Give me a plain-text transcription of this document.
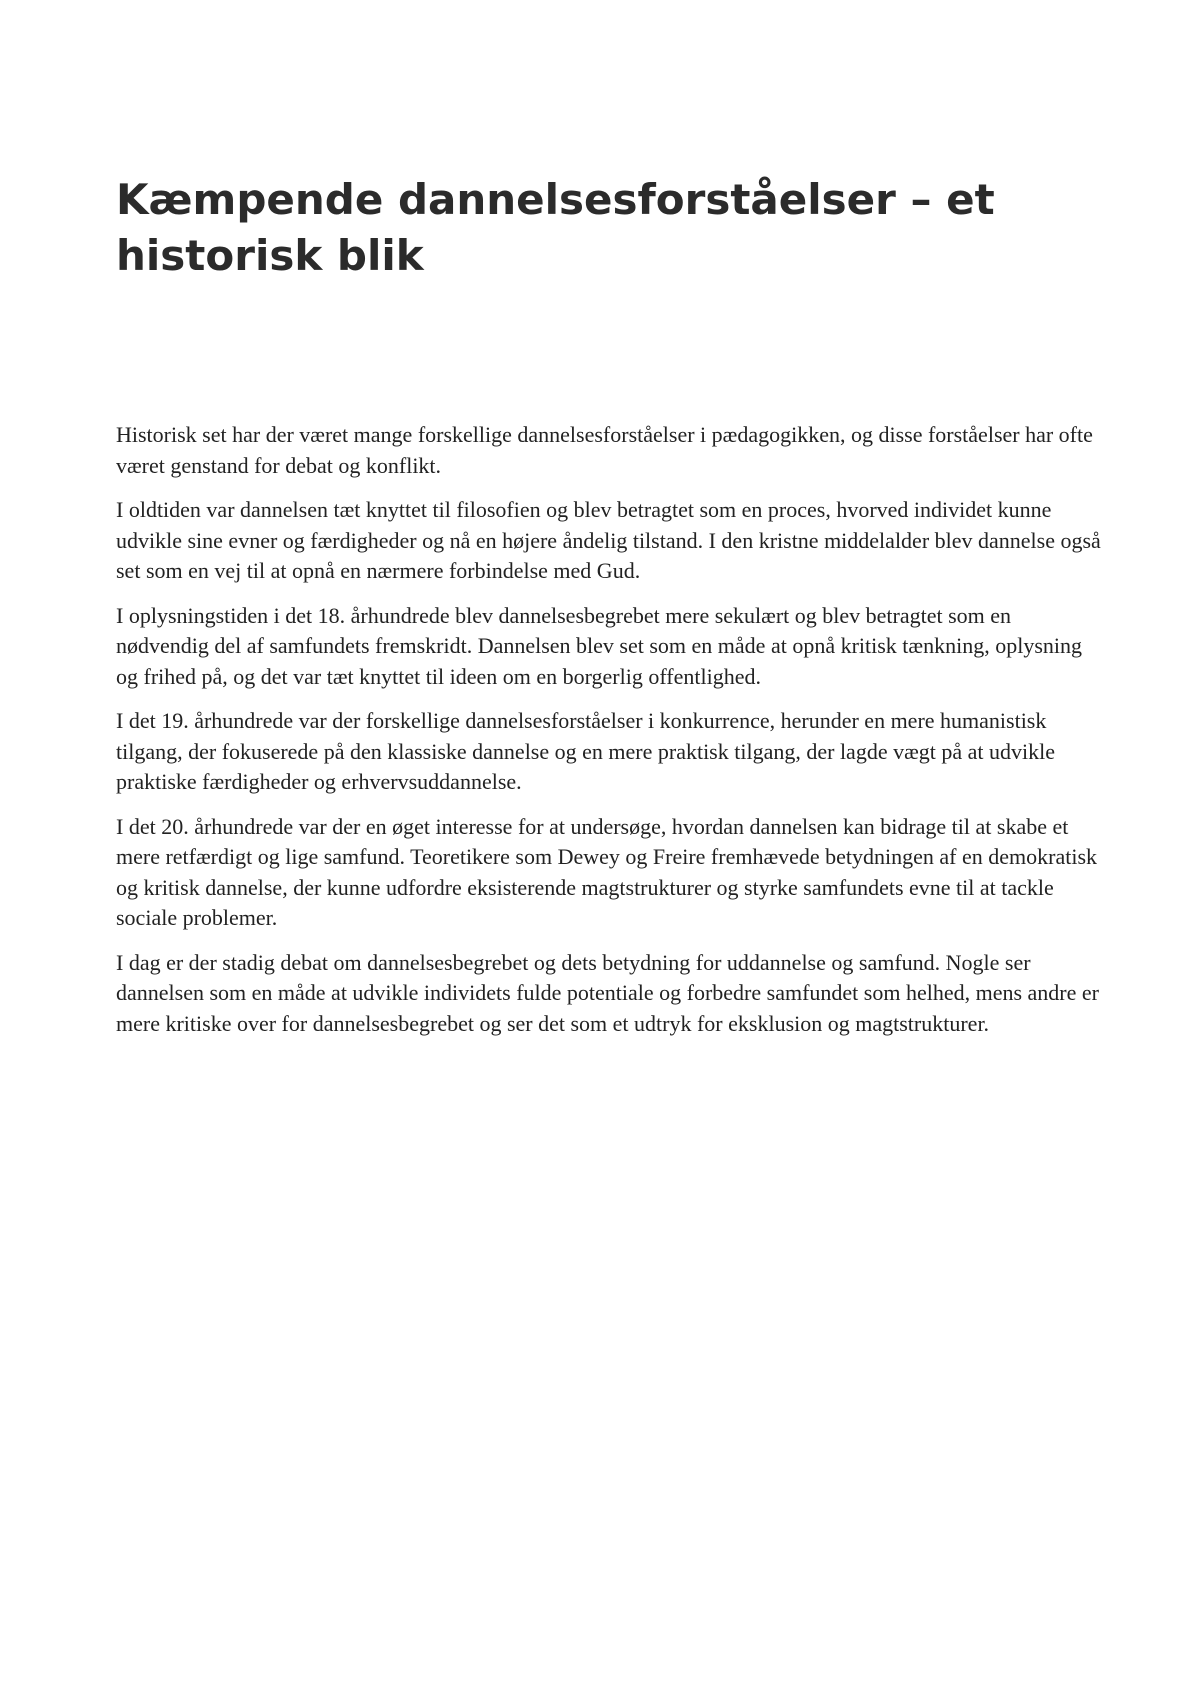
Kæmpende dannelsesforståelser – et historisk blik

Historisk set har der været mange forskellige dannelsesforståelser i pædagogikken, og disse forståelser har ofte været genstand for debat og konflikt.

I oldtiden var dannelsen tæt knyttet til filosofien og blev betragtet som en proces, hvorved individet kunne udvikle sine evner og færdigheder og nå en højere åndelig tilstand. I den kristne middelalder blev dannelse også set som en vej til at opnå en nærmere forbindelse med Gud.

I oplysningstiden i det 18. århundrede blev dannelsesbegrebet mere sekulært og blev betragtet som en nødvendig del af samfundets fremskridt. Dannelsen blev set som en måde at opnå kritisk tænkning, oplysning og frihed på, og det var tæt knyttet til ideen om en borgerlig offentlighed.

I det 19. århundrede var der forskellige dannelsesforståelser i konkurrence, herunder en mere humanistisk tilgang, der fokuserede på den klassiske dannelse og en mere praktisk tilgang, der lagde vægt på at udvikle praktiske færdigheder og erhvervsuddannelse.

I det 20. århundrede var der en øget interesse for at undersøge, hvordan dannelsen kan bidrage til at skabe et mere retfærdigt og lige samfund. Teoretikere som Dewey og Freire fremhævede betydningen af en demokratisk og kritisk dannelse, der kunne udfordre eksisterende magtstrukturer og styrke samfundets evne til at tackle sociale problemer.

I dag er der stadig debat om dannelsesbegrebet og dets betydning for uddannelse og samfund. Nogle ser dannelsen som en måde at udvikle individets fulde potentiale og forbedre samfundet som helhed, mens andre er mere kritiske over for dannelsesbegrebet og ser det som et udtryk for eksklusion og magtstrukturer.
